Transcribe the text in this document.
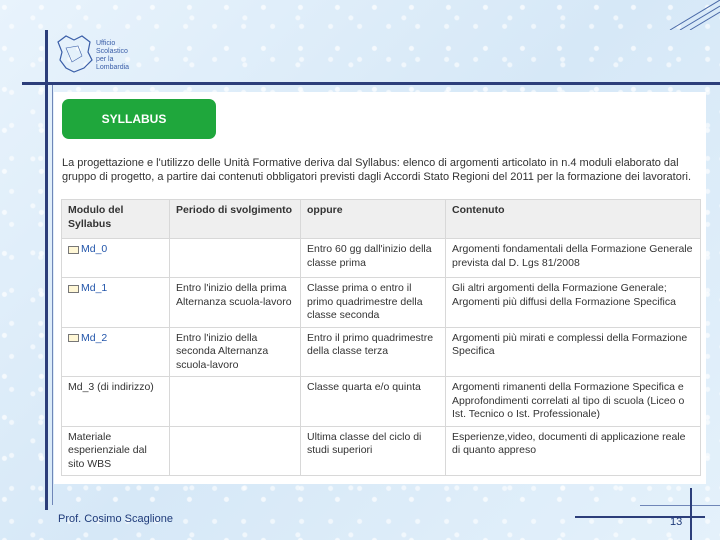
Ufficio
Scolastico
per la
Lombardia
SYLLABUS
La progettazione e l'utilizzo delle Unità Formative deriva dal Syllabus: elenco di argomenti articolato in n.4 moduli elaborato dal gruppo di progetto, a partire dai contenuti obbligatori previsti dagli Accordi Stato Regioni del 2011 per la formazione dei lavoratori.
Modulo del Syllabus	Periodo di svolgimento	oppure	Contenuto

Md_0		Entro 60 gg dall'inizio della classe prima	Argomenti fondamentali della Formazione Generale prevista dal D. Lgs 81/2008

Md_1	Entro l'inizio della prima Alternanza scuola-lavoro	Classe prima o entro il primo quadrimestre della classe seconda	Gli altri argomenti della Formazione Generale; Argomenti più diffusi della Formazione Specifica

Md_2	Entro l'inizio della seconda Alternanza scuola-lavoro	Entro il primo quadrimestre della classe terza	Argomenti più mirati e complessi della Formazione Specifica
Md_3 (di indirizzo)		Classe quarta e/o quinta	Argomenti rimanenti della Formazione Specifica e Approfondimenti correlati al tipo di scuola (Liceo o Ist. Tecnico o Ist. Professionale)
Materiale esperienziale dal sito WBS		Ultima classe del ciclo di studi superiori	Esperienze,video, documenti di applicazione reale di quanto appreso
Prof. Cosimo Scaglione	13
